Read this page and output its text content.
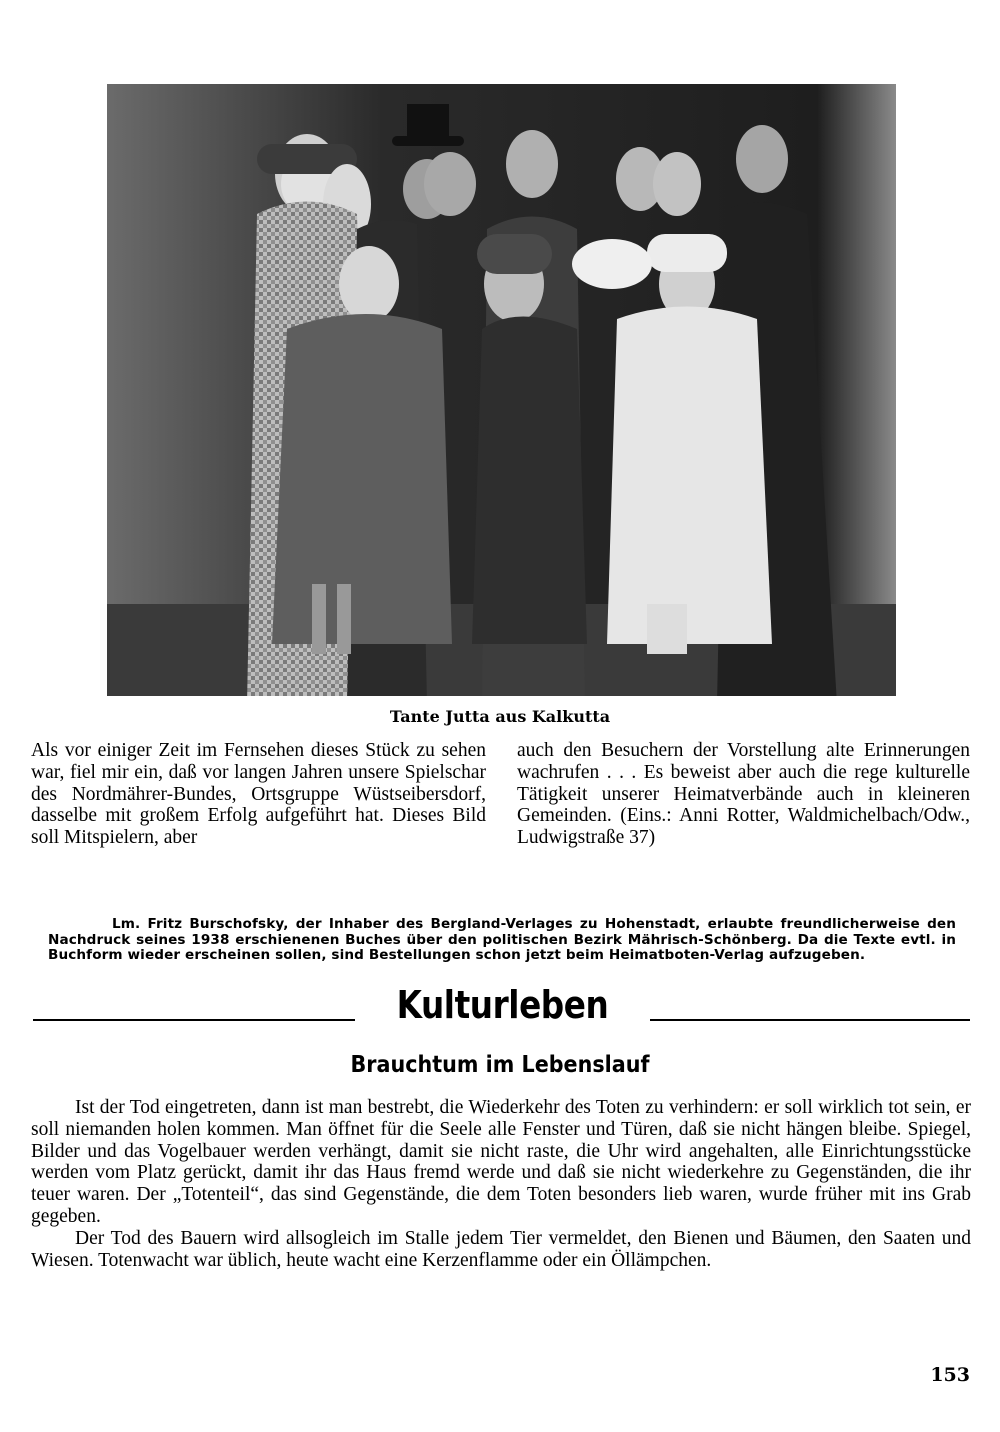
Tante Jutta aus Kalkutta

Als vor einiger Zeit im Fernsehen dieses Stück zu sehen war, fiel mir ein, daß vor langen Jahren unsere Spielschar des Nordmährer-Bundes, Ortsgruppe Wüstseibersdorf, dasselbe mit großem Erfolg aufgeführt hat. Dieses Bild soll Mitspielern, aber

auch den Besuchern der Vorstellung alte Erinnerungen wachrufen . . . Es beweist aber auch die rege kulturelle Tätigkeit unserer Heimatverbände auch in kleineren Gemeinden. (Eins.: Anni Rotter, Waldmichelbach/Odw., Ludwigstraße 37)

Lm. Fritz Burschofsky, der Inhaber des Bergland-Verlages zu Hohenstadt, erlaubte freundlicherweise den Nachdruck seines 1938 erschienenen Buches über den politischen Bezirk Mährisch-Schönberg. Da die Texte evtl. in Buchform wieder erscheinen sollen, sind Bestellungen schon jetzt beim Heimatboten-Verlag aufzugeben.
Kulturleben
Brauchtum im Lebenslauf

Ist der Tod eingetreten, dann ist man bestrebt, die Wiederkehr des Toten zu verhindern: er soll wirklich tot sein, er soll niemanden holen kommen. Man öffnet für die Seele alle Fenster und Türen, daß sie nicht hängen bleibe. Spiegel, Bilder und das Vogelbauer werden verhängt, damit sie nicht raste, die Uhr wird angehalten, alle Einrichtungsstücke werden vom Platz gerückt, damit ihr das Haus fremd werde und daß sie nicht wiederkehre zu Gegenständen, die ihr teuer waren. Der „Totenteil“, das sind Gegenstände, die dem Toten besonders lieb waren, wurde früher mit ins Grab gegeben.

Der Tod des Bauern wird allsogleich im Stalle jedem Tier vermeldet, den Bienen und Bäumen, den Saaten und Wiesen. Totenwacht war üblich, heute wacht eine Kerzenflamme oder ein Öllämpchen.

153
